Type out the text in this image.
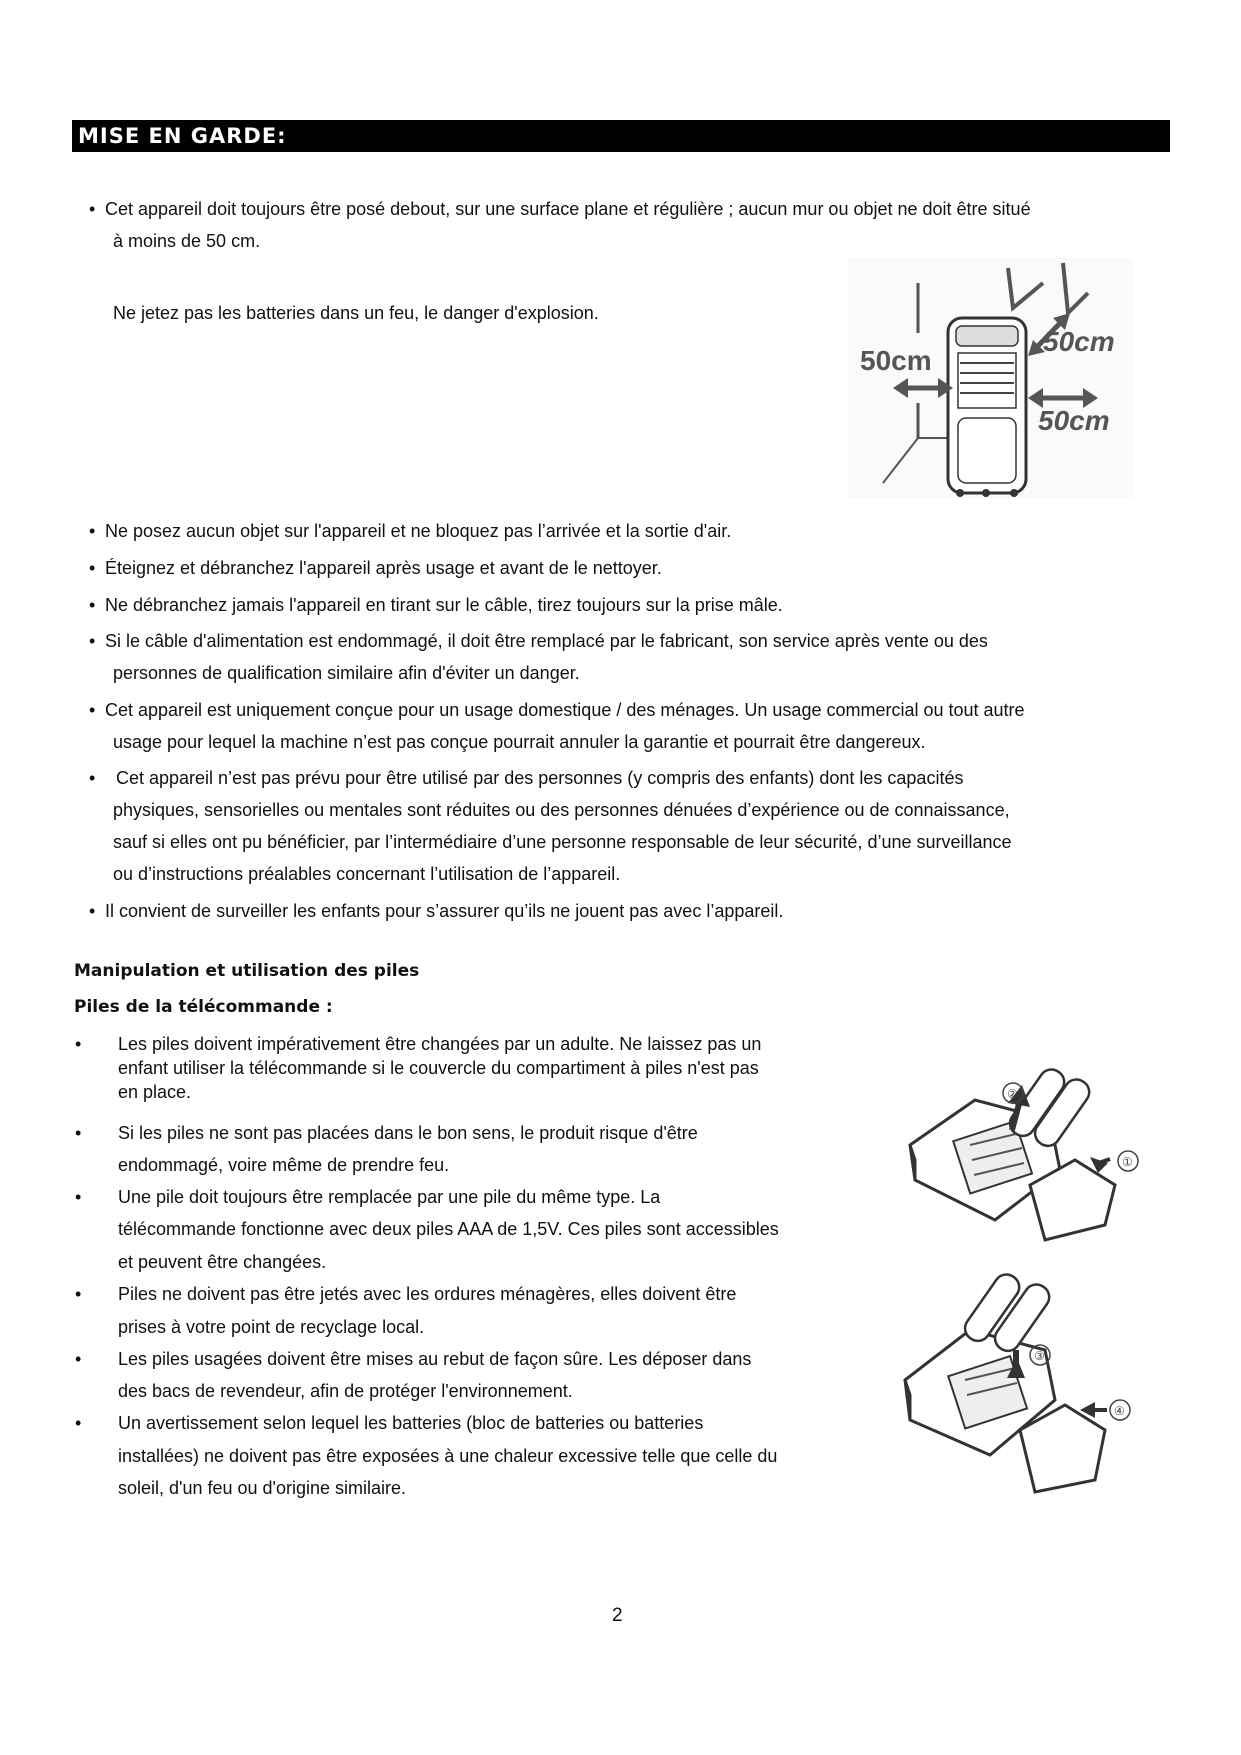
MISE EN GARDE:
• Cet appareil doit toujours être posé debout, sur une surface plane et régulière ; aucun mur ou objet ne doit être situé
à moins de 50 cm.
Ne jetez pas les batteries dans un feu, le danger d'explosion.
50cm
50cm
50cm
• Ne posez aucun objet sur l'appareil et ne bloquez pas l’arrivée et la sortie d'air.
• Éteignez et débranchez l'appareil après usage et avant de le nettoyer.
• Ne débranchez jamais l'appareil en tirant sur le câble, tirez toujours sur la prise mâle.
• Si le câble d'alimentation est endommagé, il doit être remplacé par le fabricant, son service après vente ou des
personnes de qualification similaire afin d'éviter un danger.
• Cet appareil est uniquement conçue pour un usage domestique / des ménages. Un usage commercial ou tout autre
usage pour lequel la machine n’est pas conçue pourrait annuler la garantie et pourrait être dangereux.
• Cet appareil n’est pas prévu pour être utilisé par des personnes (y compris des enfants) dont les capacités
physiques, sensorielles ou mentales sont réduites ou des personnes dénuées d’expérience ou de connaissance,
sauf si elles ont pu bénéficier, par l’intermédiaire d’une personne responsable de leur sécurité, d’une surveillance
ou d’instructions préalables concernant l’utilisation de l’appareil.
• Il convient de surveiller les enfants pour s’assurer qu’ils ne jouent pas avec l’appareil.
Manipulation et utilisation des piles
Piles de la télécommande :
• Les piles doivent impérativement être changées par un adulte. Ne laissez pas un
enfant utiliser la télécommande si le couvercle du compartiment à piles n'est pas
en place.
• Si les piles ne sont pas placées dans le bon sens, le produit risque d'être
endommagé, voire même de prendre feu.
• Une pile doit toujours être remplacée par une pile du même type. La
télécommande fonctionne avec deux piles AAA de 1,5V. Ces piles sont accessibles
et peuvent être changées.
• Piles ne doivent pas être jetés avec les ordures ménagères, elles doivent être
prises à votre point de recyclage local.
• Les piles usagées doivent être mises au rebut de façon sûre. Les déposer dans
des bacs de revendeur, afin de protéger l'environnement.
• Un avertissement selon lequel les batteries (bloc de batteries ou batteries
installées) ne doivent pas être exposées à une chaleur excessive telle que celle du
soleil, d'un feu ou d'origine similaire.
①
②
③
④
2
